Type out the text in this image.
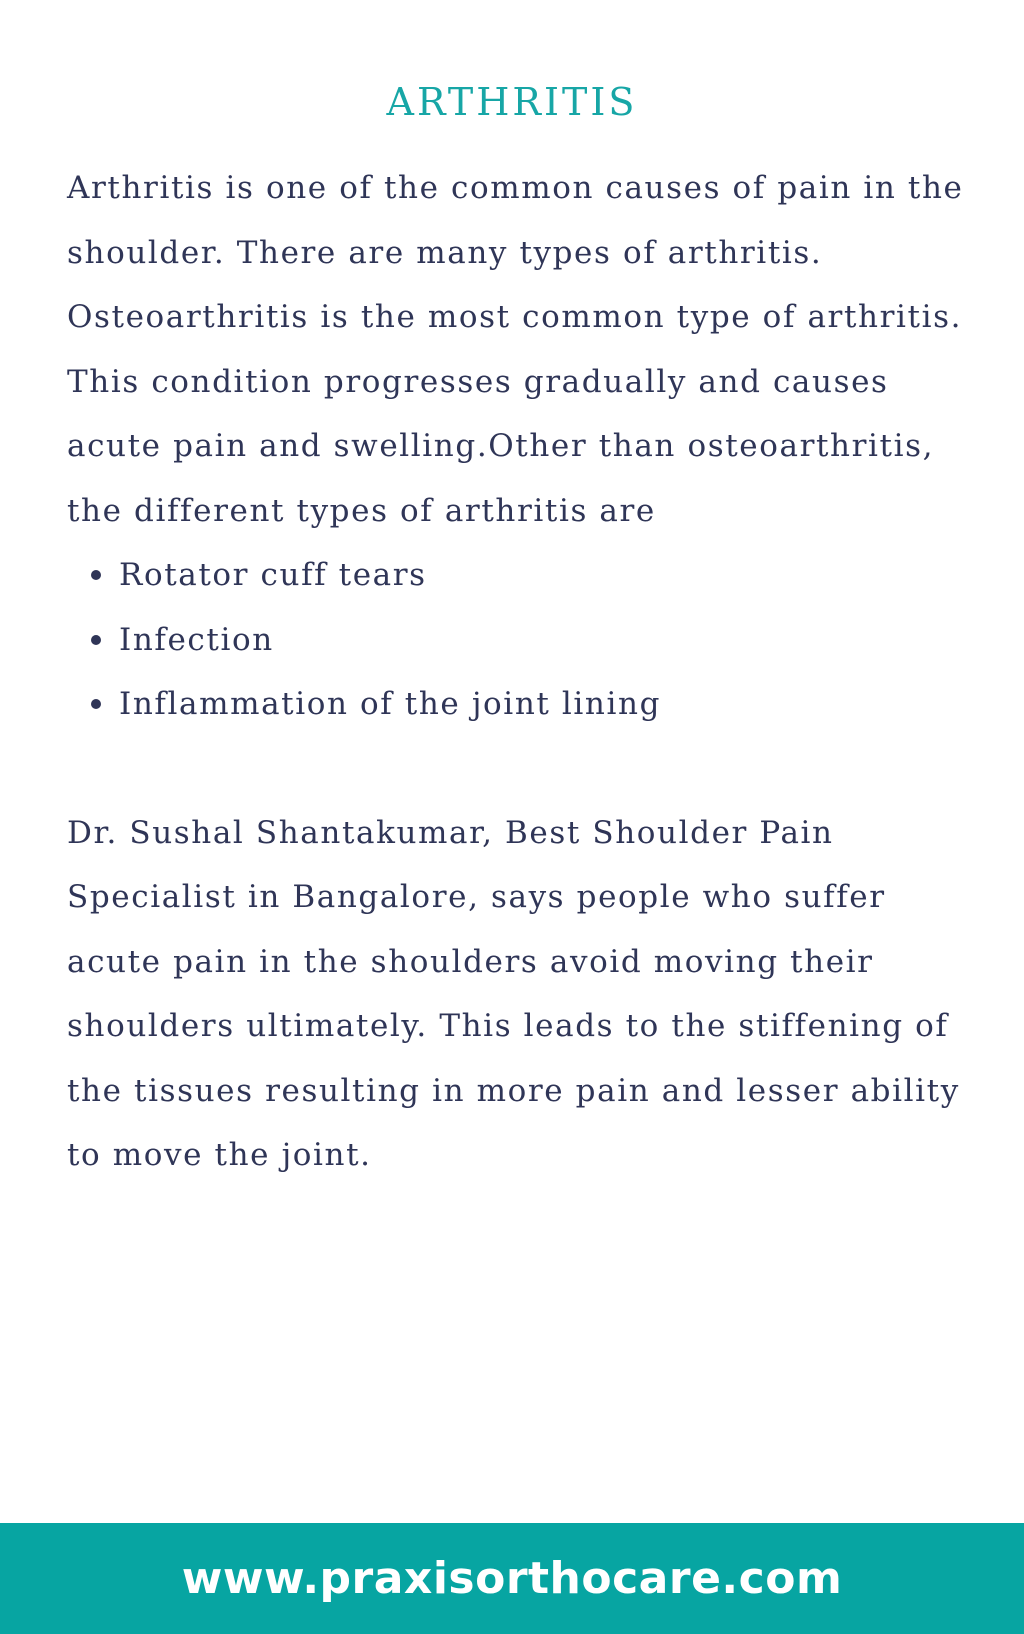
ARTHRITIS

Arthritis is one of the common causes of pain in the shoulder. There are many types of arthritis. Osteoarthritis is the most common type of arthritis. This condition progresses gradually and causes acute pain and swelling.Other than osteoarthritis, the different types of arthritis are

Rotator cuff tears
Infection
Inflammation of the joint lining

Dr. Sushal Shantakumar, Best Shoulder Pain Specialist in Bangalore, says people who suffer acute pain in the shoulders avoid moving their shoulders ultimately. This leads to the stiffening of the tissues resulting in more pain and lesser ability to move the joint.

www.praxisorthocare.com
